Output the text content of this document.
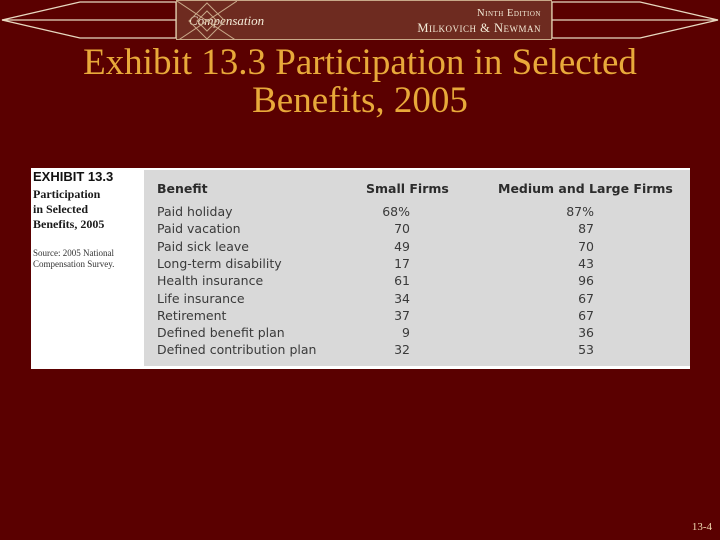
Compensation	Ninth Edition
Milkovich & Newman
Exhibit 13.3 Participation in Selected
Benefits, 2005
EXHIBIT 13.3
Participation
in Selected
Benefits, 2005
Source: 2005 National Compensation Survey.
Benefit	Small Firms	Medium and Large Firms
Paid holiday	68%	87%
Paid vacation	70	87
Paid sick leave	49	70
Long-term disability	17	43
Health insurance	61	96
Life insurance	34	67
Retirement	37	67
Defined benefit plan	9	36
Defined contribution plan	32	53
13-4
